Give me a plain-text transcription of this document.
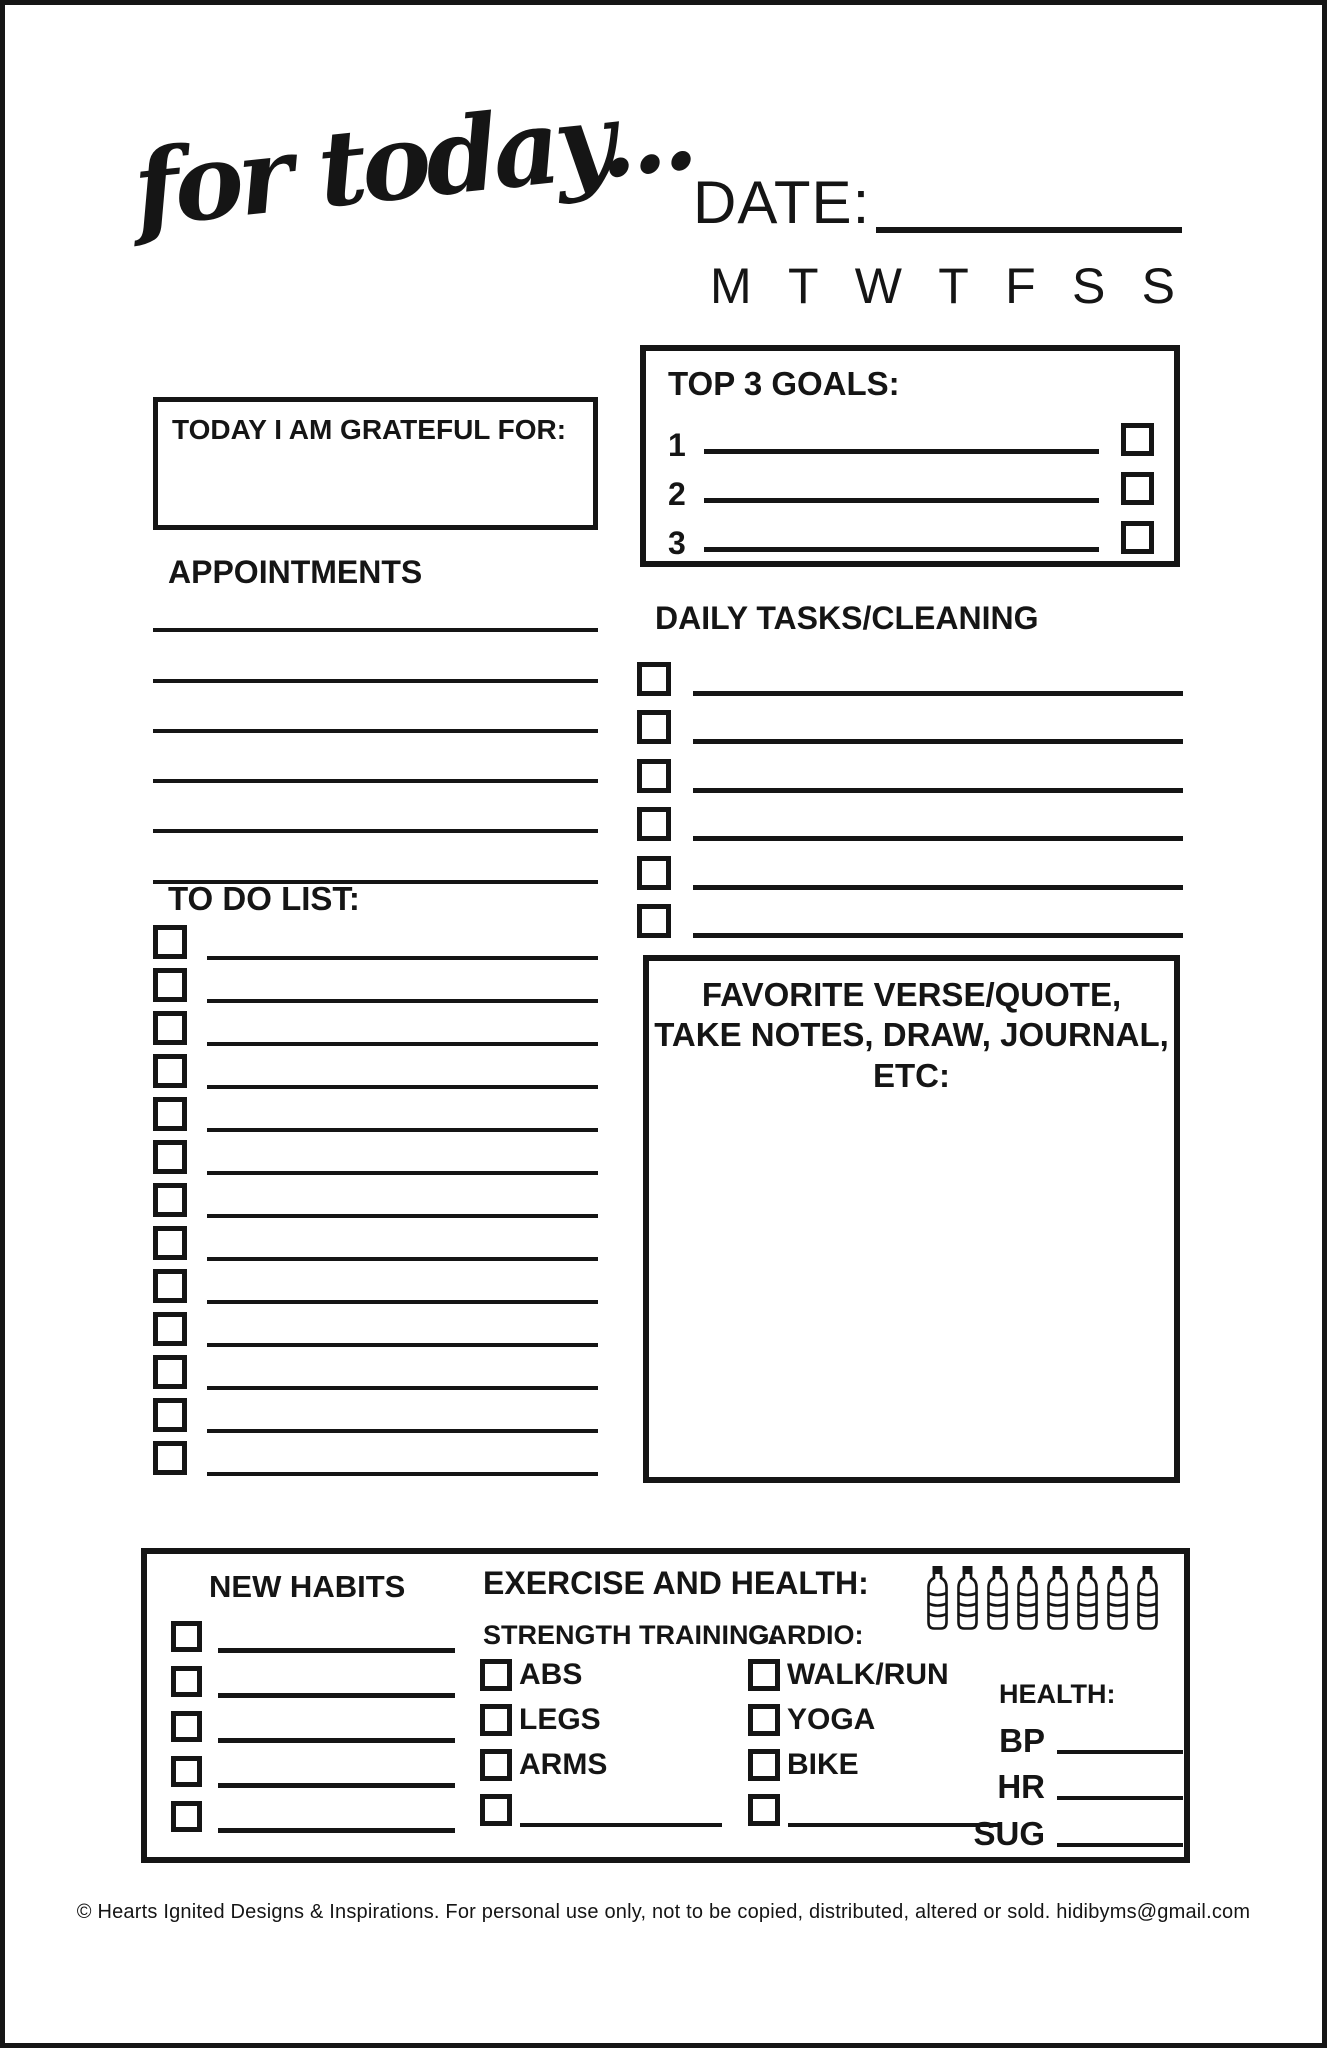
for today...
DATE:
M T W T F S S
TODAY I AM GRATEFUL FOR:
APPOINTMENTS
TO DO LIST:
TOP 3 GOALS:
1
2
3
DAILY TASKS/CLEANING
FAVORITE VERSE/QUOTE,
TAKE NOTES, DRAW, JOURNAL, ETC:
NEW HABITS EXERCISE AND HEALTH:
STRENGTH TRAINING:
ABS
LEGS
ARMS
CARDIO:
WALK/RUN
YOGA
BIKE
HEALTH:
BP
HR
SUG
© Hearts Ignited Designs & Inspirations. For personal use only, not to be copied, distributed, altered or sold. hidibyms@gmail.com
